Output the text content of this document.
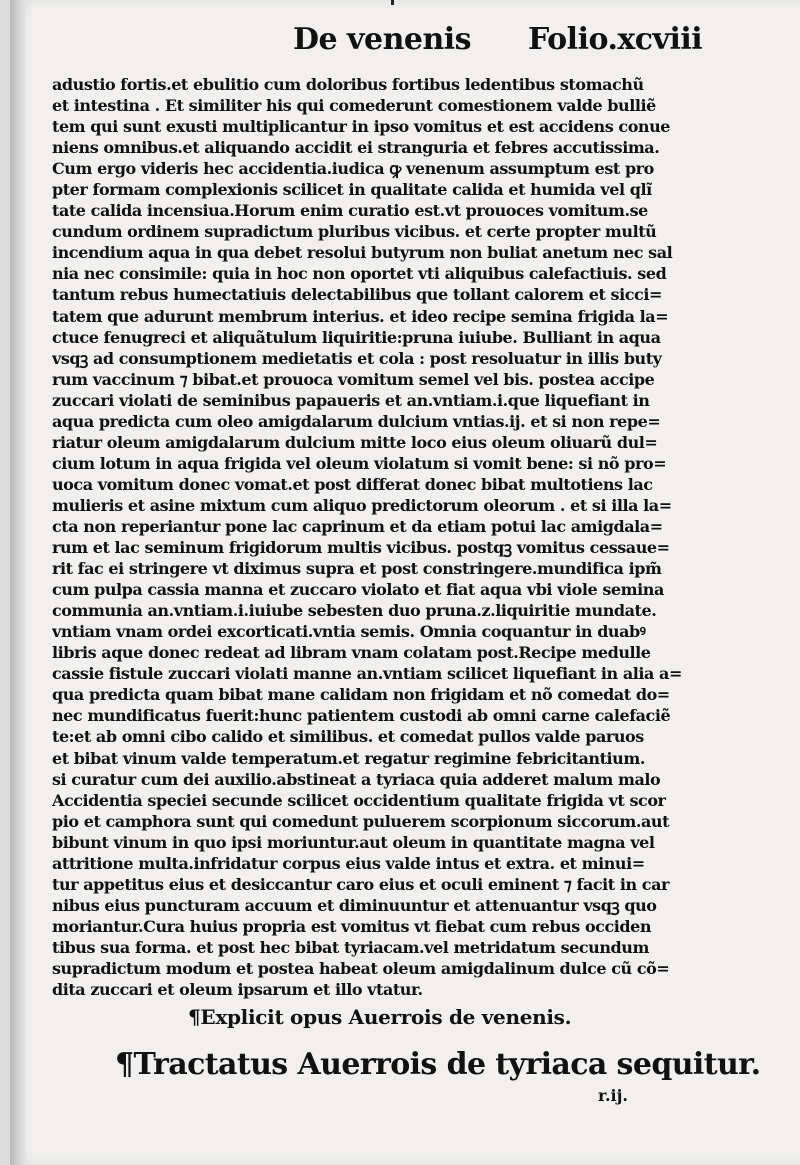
De venenis Folio.xcviii
adustio fortis.et ebulitio cum doloribus fortibus ledentibus stomachũ
et intestina . Et similiter his qui comederunt comestionem valde bulliẽ
tem qui sunt exusti multiplicantur in ipso vomitus et est accidens conue
niens omnibus.et aliquando accidit ei stranguria et febres accutissima.
Cum ergo videris hec accidentia.iudica ꝙ venenum assumptum est pro
pter formam complexionis scilicet in qualitate calida et humida vel qlĩ
tate calida incensiua.Horum enim curatio est.vt prouoces vomitum.se
cundum ordinem supradictum pluribus vicibus. et certe propter multũ
incendium aqua in qua debet resolui butyrum non buliat anetum nec sal
nia nec consimile: quia in hoc non oportet vti aliquibus calefactiuis. sed
tantum rebus humectatiuis delectabilibus que tollant calorem et sicci=
tatem que adurunt membrum interius. et ideo recipe semina frigida la=
ctuce fenugreci et aliquãtulum liquiritie:pruna iuiube. Bulliant in aqua
vsqꝫ ad consumptionem medietatis et cola : post resoluatur in illis buty
rum vaccinum ⁊ bibat.et prouoca vomitum semel vel bis. postea accipe
zuccari violati de seminibus papaueris et an.vntiam.i.que liquefiant in
aqua predicta cum oleo amigdalarum dulcium vntias.ij. et si non repe=
riatur oleum amigdalarum dulcium mitte loco eius oleum oliuarũ dul=
cium lotum in aqua frigida vel oleum violatum si vomit bene: si nõ pro=
uoca vomitum donec vomat.et post differat donec bibat multotiens lac
mulieris et asine mixtum cum aliquo predictorum oleorum . et si illa la=
cta non reperiantur pone lac caprinum et da etiam potui lac amigdala=
rum et lac seminum frigidorum multis vicibus. postqꝫ vomitus cessaue=
rit fac ei stringere vt diximus supra et post constringere.mundifica ipm̃
cum pulpa cassia manna et zuccaro violato et fiat aqua vbi viole semina
communia an.vntiam.i.iuiube sebesten duo pruna.z.liquiritie mundate.
vntiam vnam ordei excorticati.vntia semis. Omnia coquantur in duabꝰ
libris aque donec redeat ad libram vnam colatam post.Recipe medulle
cassie fistule zuccari violati manne an.vntiam scilicet liquefiant in alia a=
qua predicta quam bibat mane calidam non frigidam et nõ comedat do=
nec mundificatus fuerit:hunc patientem custodi ab omni carne calefaciẽ
te:et ab omni cibo calido et similibus. et comedat pullos valde paruos
et bibat vinum valde temperatum.et regatur regimine febricitantium.
si curatur cum dei auxilio.abstineat a tyriaca quia adderet malum malo
Accidentia speciei secunde scilicet occidentium qualitate frigida vt scor
pio et camphora sunt qui comedunt puluerem scorpionum siccorum.aut
bibunt vinum in quo ipsi moriuntur.aut oleum in quantitate magna vel
attritione multa.infridatur corpus eius valde intus et extra. et minui=
tur appetitus eius et desiccantur caro eius et oculi eminent ⁊ facit in car
nibus eius puncturam accuum et diminuuntur et attenuantur vsqꝫ quo
moriantur.Cura huius propria est vomitus vt fiebat cum rebus occiden
tibus sua forma. et post hec bibat tyriacam.vel metridatum secundum
supradictum modum et postea habeat oleum amigdalinum dulce cũ cõ=
dita zuccari et oleum ipsarum et illo vtatur.
¶Explicit opus Auerrois de venenis.
¶Tractatus Auerrois de tyriaca sequitur.
r.ij.
